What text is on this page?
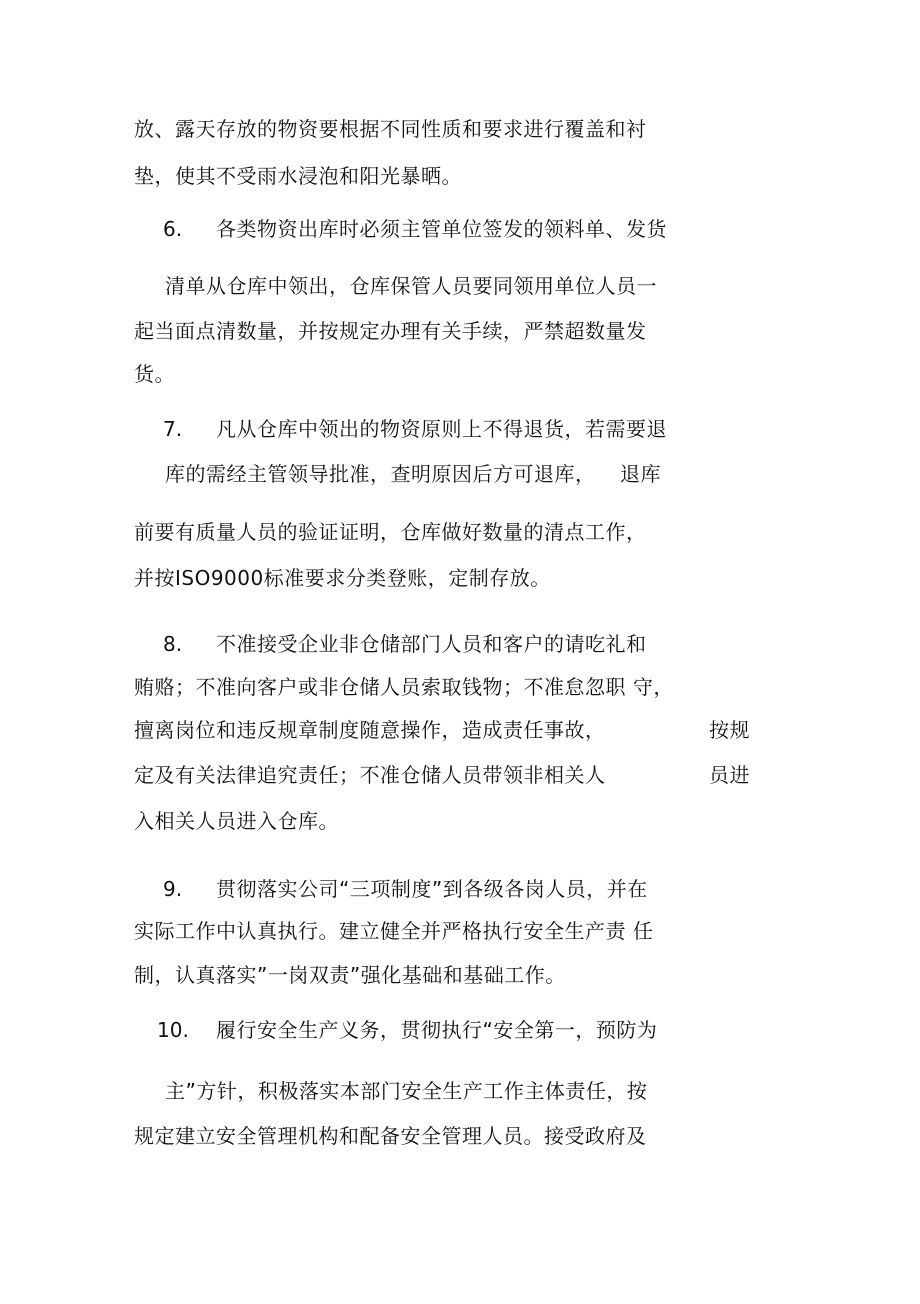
放、露天存放的物资要根据不同性质和要求进行覆盖和衬
垫，使其不受雨水浸泡和阳光暴晒。
6. 各类物资出库时必须主管单位签发的领料单、发货
清单从仓库中领出，仓库保管人员要同领用单位人员一
起当面点清数量，并按规定办理有关手续，严禁超数量发
货。
7. 凡从仓库中领出的物资原则上不得退货，若需要退
库的需经主管领导批准，查明原因后方可退库， 退库
前要有质量人员的验证证明，仓库做好数量的清点工作，
并按ISO9000标准要求分类登账，定制存放。
8. 不准接受企业非仓储部门人员和客户的请吃礼和
贿赂；不准向客户或非仓储人员索取钱物；不准怠忽职 守，
擅离岗位和违反规章制度随意操作，造成责任事故，	按规
定及有关法律追究责任；不准仓储人员带领非相关人	员进
入相关人员进入仓库。
9. 贯彻落实公司“三项制度”到各级各岗人员，并在
实际工作中认真执行。建立健全并严格执行安全生产责 任
制，认真落实”一岗双责”强化基础和基础工作。
10. 履行安全生产义务，贯彻执行“安全第一，预防为
主”方针，积极落实本部门安全生产工作主体责任，按
规定建立安全管理机构和配备安全管理人员。接受政府及
